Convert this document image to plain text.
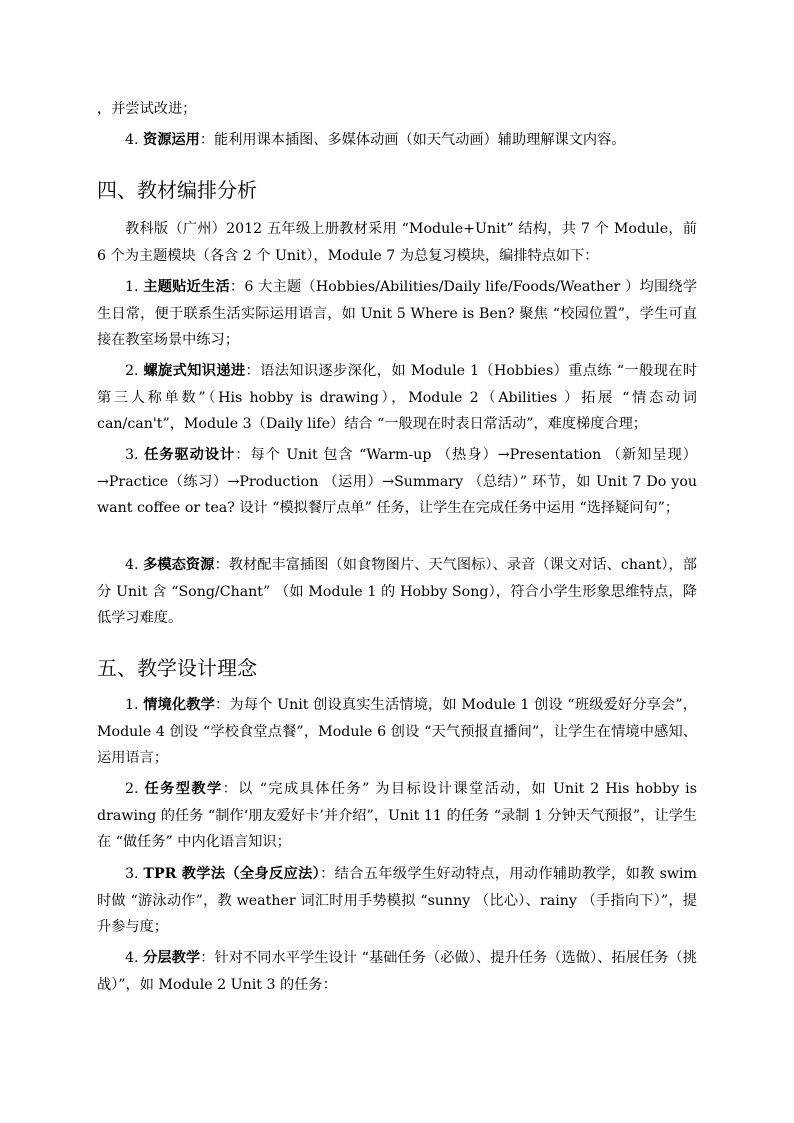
，并尝试改进；
4. 资源运用：能利用课本插图、多媒体动画（如天气动画）辅助理解课文内容。
四、教材编排分析
教科版（广州）2012 五年级上册教材采用 “Module+Unit” 结构，共 7 个 Module，前 6 个为主题模块（各含 2 个 Unit），Module 7 为总复习模块，编排特点如下：
1. 主题贴近生活：6 大主题（Hobbies/Abilities/Daily life/Foods/Weather ）均围绕学生日常，便于联系生活实际运用语言，如 Unit 5 Where is Ben? 聚焦 “校园位置”，学生可直接在教室场景中练习；
2. 螺旋式知识递进：语法知识逐步深化，如 Module 1（Hobbies）重点练 “一般现在时第三人称单数”（His hobby is drawing），Module 2（Abilities ）拓展 “情态动词 can/can't”，Module 3（Daily life）结合 “一般现在时表日常活动”，难度梯度合理；
3. 任务驱动设计：每个 Unit 包含 “Warm-up （热身）→Presentation （新知呈现）→Practice（练习）→Production （运用）→Summary （总结）” 环节，如 Unit 7 Do you want coffee or tea? 设计 “模拟餐厅点单” 任务，让学生在完成任务中运用 “选择疑问句”；
4. 多模态资源：教材配丰富插图（如食物图片、天气图标）、录音（课文对话、chant），部分 Unit 含 “Song/Chant” （如 Module 1 的 Hobby Song），符合小学生形象思维特点，降低学习难度。
五、教学设计理念
1. 情境化教学：为每个 Unit 创设真实生活情境，如 Module 1 创设 “班级爱好分享会”，Module 4 创设 “学校食堂点餐”，Module 6 创设 “天气预报直播间”，让学生在情境中感知、运用语言；
2. 任务型教学：以 “完成具体任务” 为目标设计课堂活动，如 Unit 2 His hobby is drawing 的任务 “制作‘朋友爱好卡’并介绍”，Unit 11 的任务 “录制 1 分钟天气预报”，让学生在 “做任务” 中内化语言知识；
3. TPR 教学法（全身反应法）：结合五年级学生好动特点，用动作辅助教学，如教 swim 时做 “游泳动作”，教 weather 词汇时用手势模拟 “sunny （比心）、rainy （手指向下）”，提升参与度；
4. 分层教学：针对不同水平学生设计 “基础任务（必做）、提升任务（选做）、拓展任务（挑战）”，如 Module 2 Unit 3 的任务：
